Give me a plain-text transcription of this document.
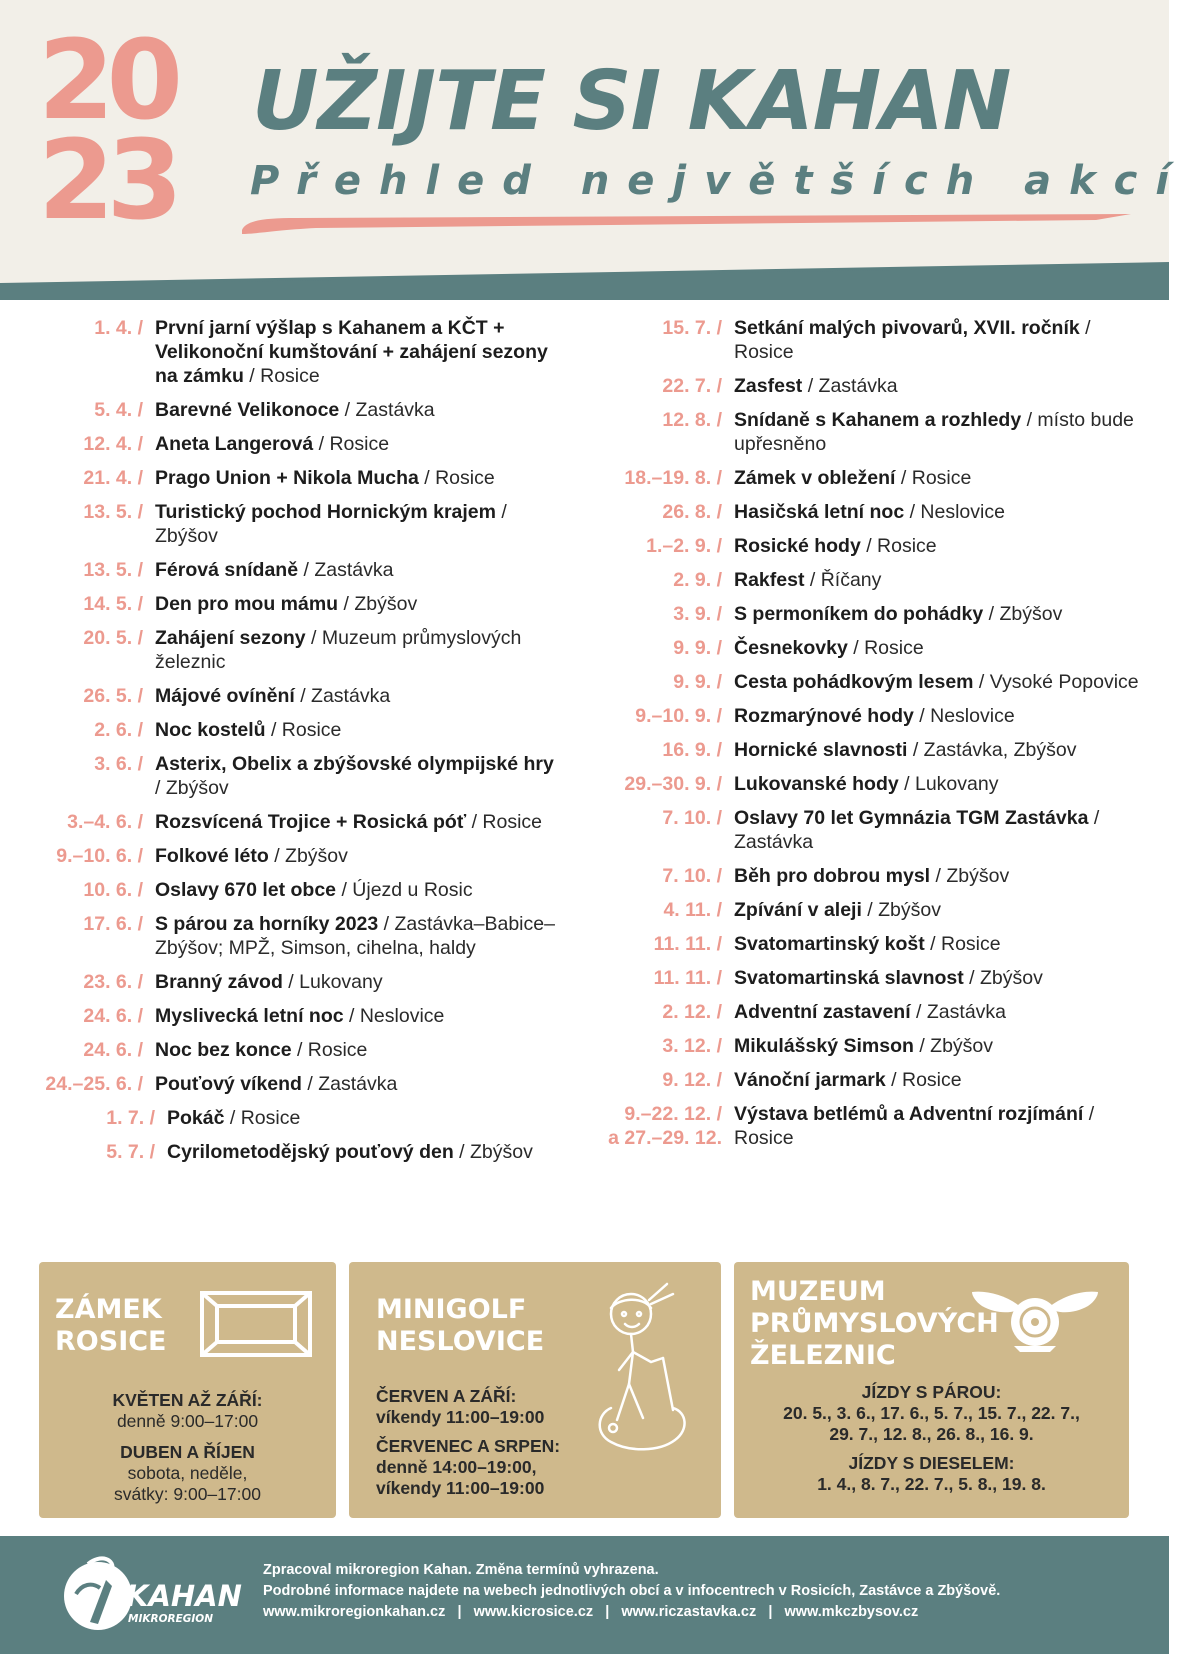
20
23
UŽIJTE SI KAHAN
Přehled největších akcí
1. 4. / První jarní výšlap s Kahanem a KČT + Velikonoční kumštování + zahájení sezony na zámku / Rosice
5. 4. / Barevné Velikonoce / Zastávka
12. 4. / Aneta Langerová / Rosice
21. 4. / Prago Union + Nikola Mucha / Rosice
13. 5. / Turistický pochod Hornickým krajem / Zbýšov
13. 5. / Férová snídaně / Zastávka
14. 5. / Den pro mou mámu / Zbýšov
20. 5. / Zahájení sezony / Muzeum průmyslových železnic
26. 5. / Májové ovínění / Zastávka
2. 6. / Noc kostelů / Rosice
3. 6. / Asterix, Obelix a zbýšovské olympijské hry / Zbýšov
3.–4. 6. / Rozsvícená Trojice + Rosická póť / Rosice
9.–10. 6. / Folkové léto / Zbýšov
10. 6. / Oslavy 670 let obce / Újezd u Rosic
17. 6. / S párou za horníky 2023 / Zastávka–Babice–Zbýšov; MPŽ, Simson, cihelna, haldy
23. 6. / Branný závod / Lukovany
24. 6. / Myslivecká letní noc / Neslovice
24. 6. / Noc bez konce / Rosice
24.–25. 6. / Pouťový víkend / Zastávka
1. 7. / Pokáč / Rosice
5. 7. / Cyrilometodějský pouťový den / Zbýšov
15. 7. / Setkání malých pivovarů, XVII. ročník / Rosice
22. 7. / Zasfest / Zastávka
12. 8. / Snídaně s Kahanem a rozhledy / místo bude upřesněno
18.–19. 8. / Zámek v obležení / Rosice
26. 8. / Hasičská letní noc / Neslovice
1.–2. 9. / Rosické hody / Rosice
2. 9. / Rakfest / Říčany
3. 9. / S permoníkem do pohádky / Zbýšov
9. 9. / Česnekovky / Rosice
9. 9. / Cesta pohádkovým lesem / Vysoké Popovice
9.–10. 9. / Rozmarýnové hody / Neslovice
16. 9. / Hornické slavnosti / Zastávka, Zbýšov
29.–30. 9. / Lukovanské hody / Lukovany
7. 10. / Oslavy 70 let Gymnázia TGM Zastávka / Zastávka
7. 10. / Běh pro dobrou mysl / Zbýšov
4. 11. / Zpívání v aleji / Zbýšov
11. 11. / Svatomartinský košt / Rosice
11. 11. / Svatomartinská slavnost / Zbýšov
2. 12. / Adventní zastavení / Zastávka
3. 12. / Mikulášský Simson / Zbýšov
9. 12. / Vánoční jarmark / Rosice
9.–22. 12. /
a 27.–29. 12.
Výstava betlémů a Adventní rozjímání / Rosice
ZÁMEK
ROSICE
KVĚTEN AŽ ZÁŘÍ:
denně 9:00–17:00
DUBEN A ŘÍJEN
sobota, neděle,
svátky: 9:00–17:00
MINIGOLF
NESLOVICE
ČERVEN A ZÁŘÍ:
víkendy 11:00–19:00
ČERVENEC A SRPEN:
denně 14:00–19:00,
víkendy 11:00–19:00
MUZEUM
PRŮMYSLOVÝCH
ŽELEZNIC
JÍZDY S PÁROU:
20. 5., 3. 6., 17. 6., 5. 7., 15. 7., 22. 7.,
29. 7., 12. 8., 26. 8., 16. 9.
JÍZDY S DIESELEM:
1. 4., 8. 7., 22. 7., 5. 8., 19. 8.
KAHAN
MIKROREGION
Zpracoval mikroregion Kahan. Změna termínů vyhrazena.
Podrobné informace najdete na webech jednotlivých obcí a v infocentrech v Rosicích, Zastávce a Zbýšově.
www.mikroregionkahan.cz   |   www.kicrosice.cz   |   www.riczastavka.cz   |   www.mkczbysov.cz
